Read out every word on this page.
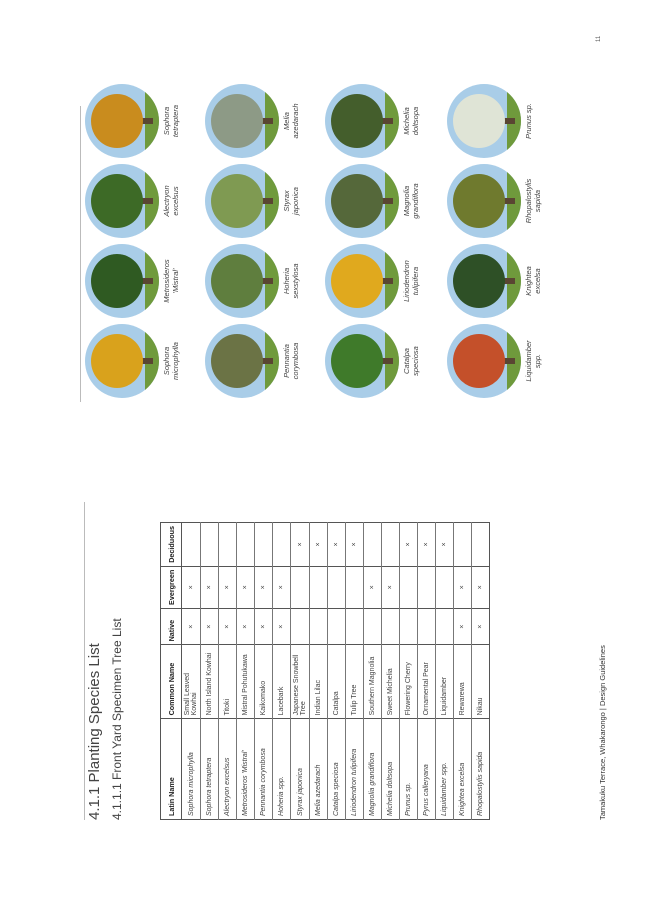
4.1.1 Planting Species List 4.1.1.1 Front Yard Specimen Tree List	Latin Name	Common Name	Native	Evergreen	Deciduous
Sophora microphylla	Small Leaved Kowhai	×	×	
Sophora tetraptera	North Island Kowhai	×	×	
Alectryon excelsus	Titoki	×	×	
Metrosideros 'Mistral'	Mistral Pohutukawa	×	×	
Pennantia corymbosa	Kaikomako	×	×	
Hoheria spp.	Lacebark	×	×	
Styrax japonica	Japanese Snowbell Tree			×
Melia azedarach	Indian Lilac			×
Catalpa speciosa	Catalpa			×
Liriodendron tulipifera	Tulip Tree			×
Magnolia grandiflora	Southern Magnolia		×	
Michelia doltsopa	Sweet Michelia		×	
Prunus sp.	Flowering Cherry			×
Pyrus calleryana	Ornamental Pear			×
Liquidamber spp.	Liquidamber			×
Knightea excelsa	Rewarewa	×	×	
Rhopalostylis sapida	Nikau	×	×	
Sophora microphylla
Metrosideros 'Mistral'
Alectryon excelsus
Sophora tetraptera
Pennantia corymbosa
Hoheria sexstylosa
Styrax japonica
Melia azedarach
Catalpa speciosa
Liriodendron tulipifera
Magnolia grandiflora
Michelia doltsopa
Liquidamber spp.
Knightea excelsa
Rhopalostylis sapida
Prunus sp.
Tamakuku Terrace, Whakarongo | Design Guidelines
11
